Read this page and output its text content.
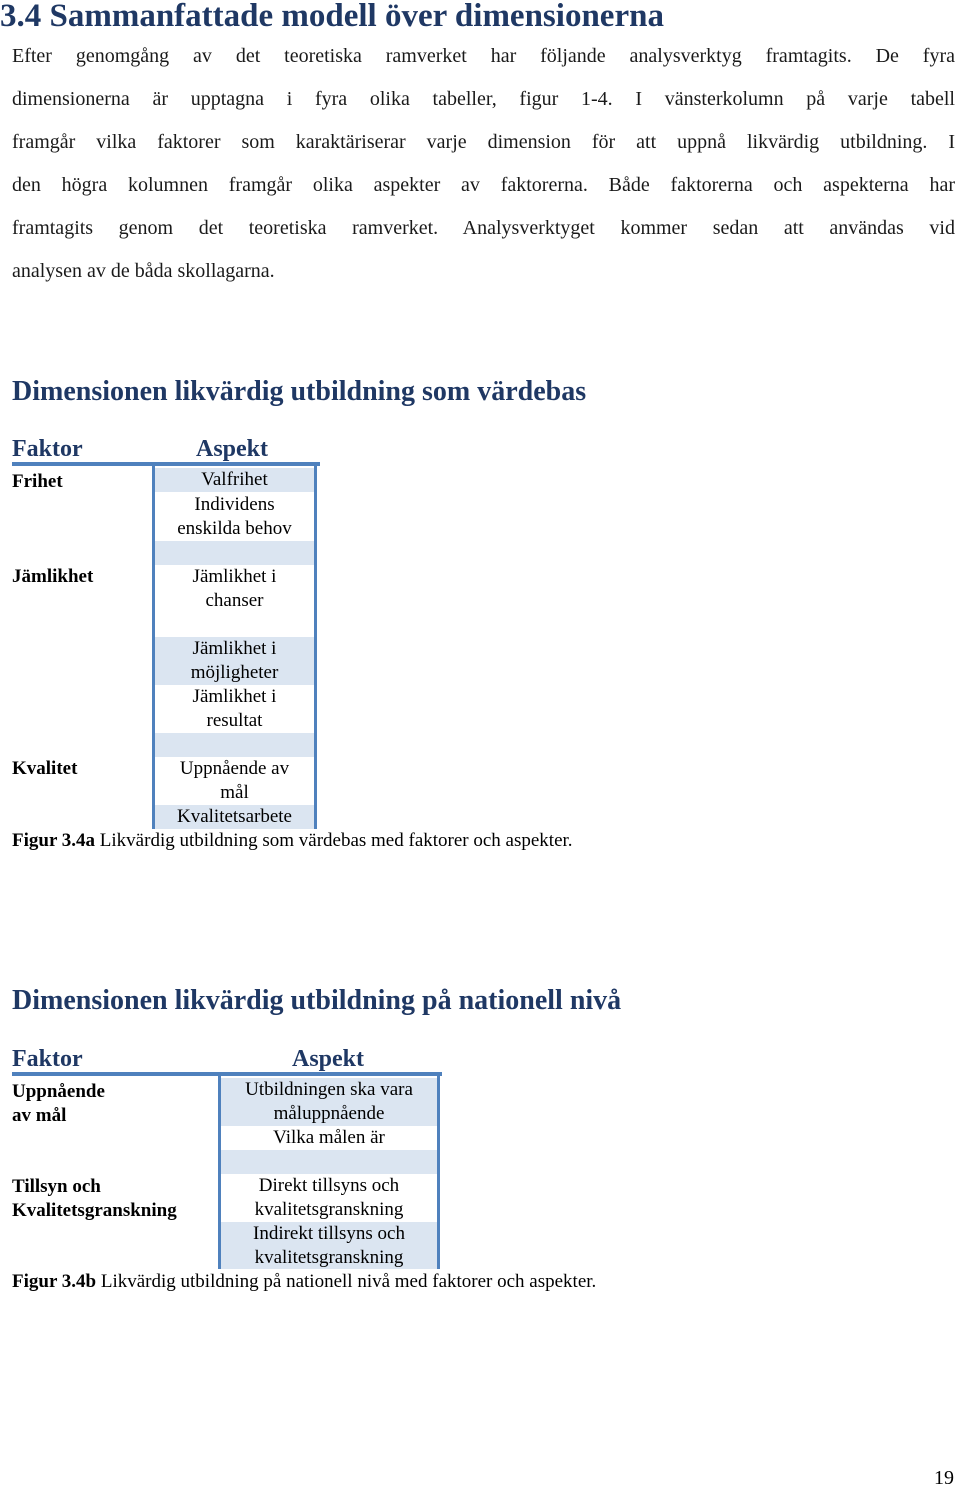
3.4 Sammanfattade modell över dimensionerna
Efter genomgång av det teoretiska ramverket har följande analysverktyg framtagits. De fyra
dimensionerna är upptagna i fyra olika tabeller, figur 1-4. I vänsterkolumn på varje tabell
framgår vilka faktorer som karaktäriserar varje dimension för att uppnå likvärdig utbildning. I
den högra kolumnen framgår olika aspekter av faktorerna. Både faktorerna och aspekterna har
framtagits genom det teoretiska ramverket. Analysverktyget kommer sedan att användas vid
analysen av de båda skollagarna.
Dimensionen likvärdig utbildning som värdebas
Faktor	Aspekt
Valfrihet
Individens
enskilda behov
Jämlikhet i
chanser
Jämlikhet i
möjligheter
Jämlikhet i
resultat
Uppnående av
mål
Kvalitetsarbete
Frihet
Jämlikhet
Kvalitet
Figur 3.4a Likvärdig utbildning som värdebas med faktorer och aspekter.
Dimensionen likvärdig utbildning på nationell nivå
Faktor	Aspekt
Utbildningen ska vara
måluppnående
Vilka målen är
Direkt tillsyns och
kvalitetsgranskning
Indirekt tillsyns och
kvalitetsgranskning
Uppnående
av mål
Tillsyn och
Kvalitetsgranskning
Figur 3.4b Likvärdig utbildning på nationell nivå med faktorer och aspekter.
19
